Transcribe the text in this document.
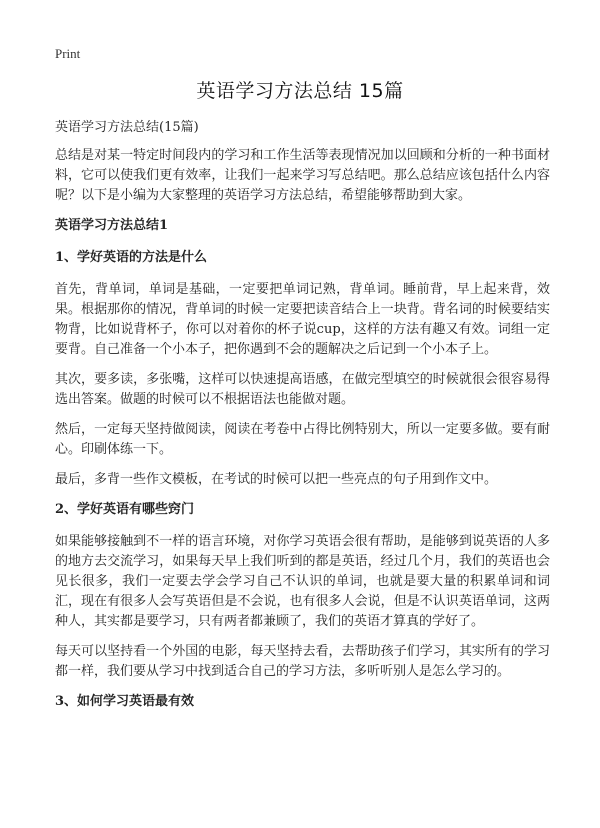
Print
英语学习方法总结 15篇

英语学习方法总结(15篇)

总结是对某一特定时间段内的学习和工作生活等表现情况加以回顾和分析的一种书面材料，它可以使我们更有效率，让我们一起来学习写总结吧。那么总结应该包括什么内容呢？以下是小编为大家整理的英语学习方法总结，希望能够帮助到大家。

英语学习方法总结1

1、学好英语的方法是什么

首先，背单词，单词是基础，一定要把单词记熟，背单词。睡前背，早上起来背，效果。根据那你的情况，背单词的时候一定要把读音结合上一块背。背名词的时候要结实物背，比如说背杯子，你可以对着你的杯子说cup，这样的方法有趣又有效。词组一定要背。自己准备一个小本子，把你遇到不会的题解决之后记到一个小本子上。

其次，要多读，多张嘴，这样可以快速提高语感，在做完型填空的时候就很会很容易得选出答案。做题的时候可以不根据语法也能做对题。

然后，一定每天坚持做阅读，阅读在考卷中占得比例特别大，所以一定要多做。要有耐心。印刷体练一下。

最后，多背一些作文模板，在考试的时候可以把一些亮点的句子用到作文中。

2、学好英语有哪些窍门

如果能够接触到不一样的语言环境，对你学习英语会很有帮助，是能够到说英语的人多的地方去交流学习，如果每天早上我们听到的都是英语，经过几个月，我们的英语也会见长很多，我们一定要去学会学习自己不认识的单词，也就是要大量的积累单词和词汇，现在有很多人会写英语但是不会说，也有很多人会说，但是不认识英语单词，这两种人，其实都是要学习，只有两者都兼顾了，我们的英语才算真的学好了。

每天可以坚持看一个外国的电影，每天坚持去看，去帮助孩子们学习，其实所有的学习都一样，我们要从学习中找到适合自己的学习方法，多听听别人是怎么学习的。

3、如何学习英语最有效
